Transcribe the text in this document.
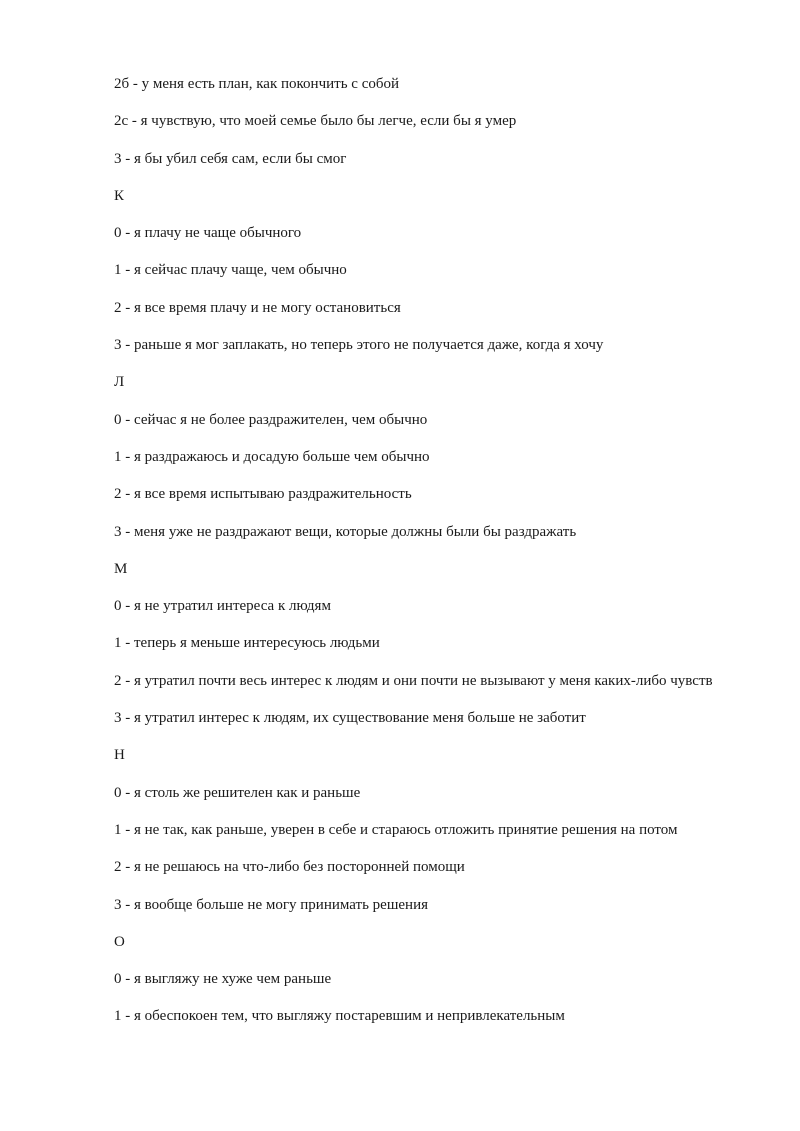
2б - у меня есть план, как покончить с собой

2с - я чувствую, что моей семье было бы легче, если бы я умер

3 - я бы убил себя сам, если бы смог

К

0 - я плачу не чаще обычного

1 - я сейчас плачу чаще, чем обычно

2 - я все время плачу и не могу остановиться

3 - раньше я мог заплакать, но теперь этого не получается даже, когда я хочу

Л

0 - сейчас я не более раздражителен, чем обычно

1 - я раздражаюсь и досадую больше чем обычно

2 - я все время испытываю раздражительность

3 - меня уже не раздражают вещи, которые должны были бы раздражать

М

0 - я не утратил интереса к людям

1 - теперь я меньше интересуюсь людьми

2 - я утратил почти весь интерес к людям и они почти не вызывают у меня каких-либо чувств

3 - я утратил интерес к людям, их существование меня больше не заботит

Н

0 - я столь же решителен как и раньше

1 - я не так, как раньше, уверен в себе и стараюсь отложить принятие решения на потом

2 - я не решаюсь на что-либо без посторонней помощи

3 - я вообще больше не могу принимать решения

О

0 - я выгляжу не хуже чем раньше

1 - я обеспокоен тем, что выгляжу постаревшим и непривлекательным
